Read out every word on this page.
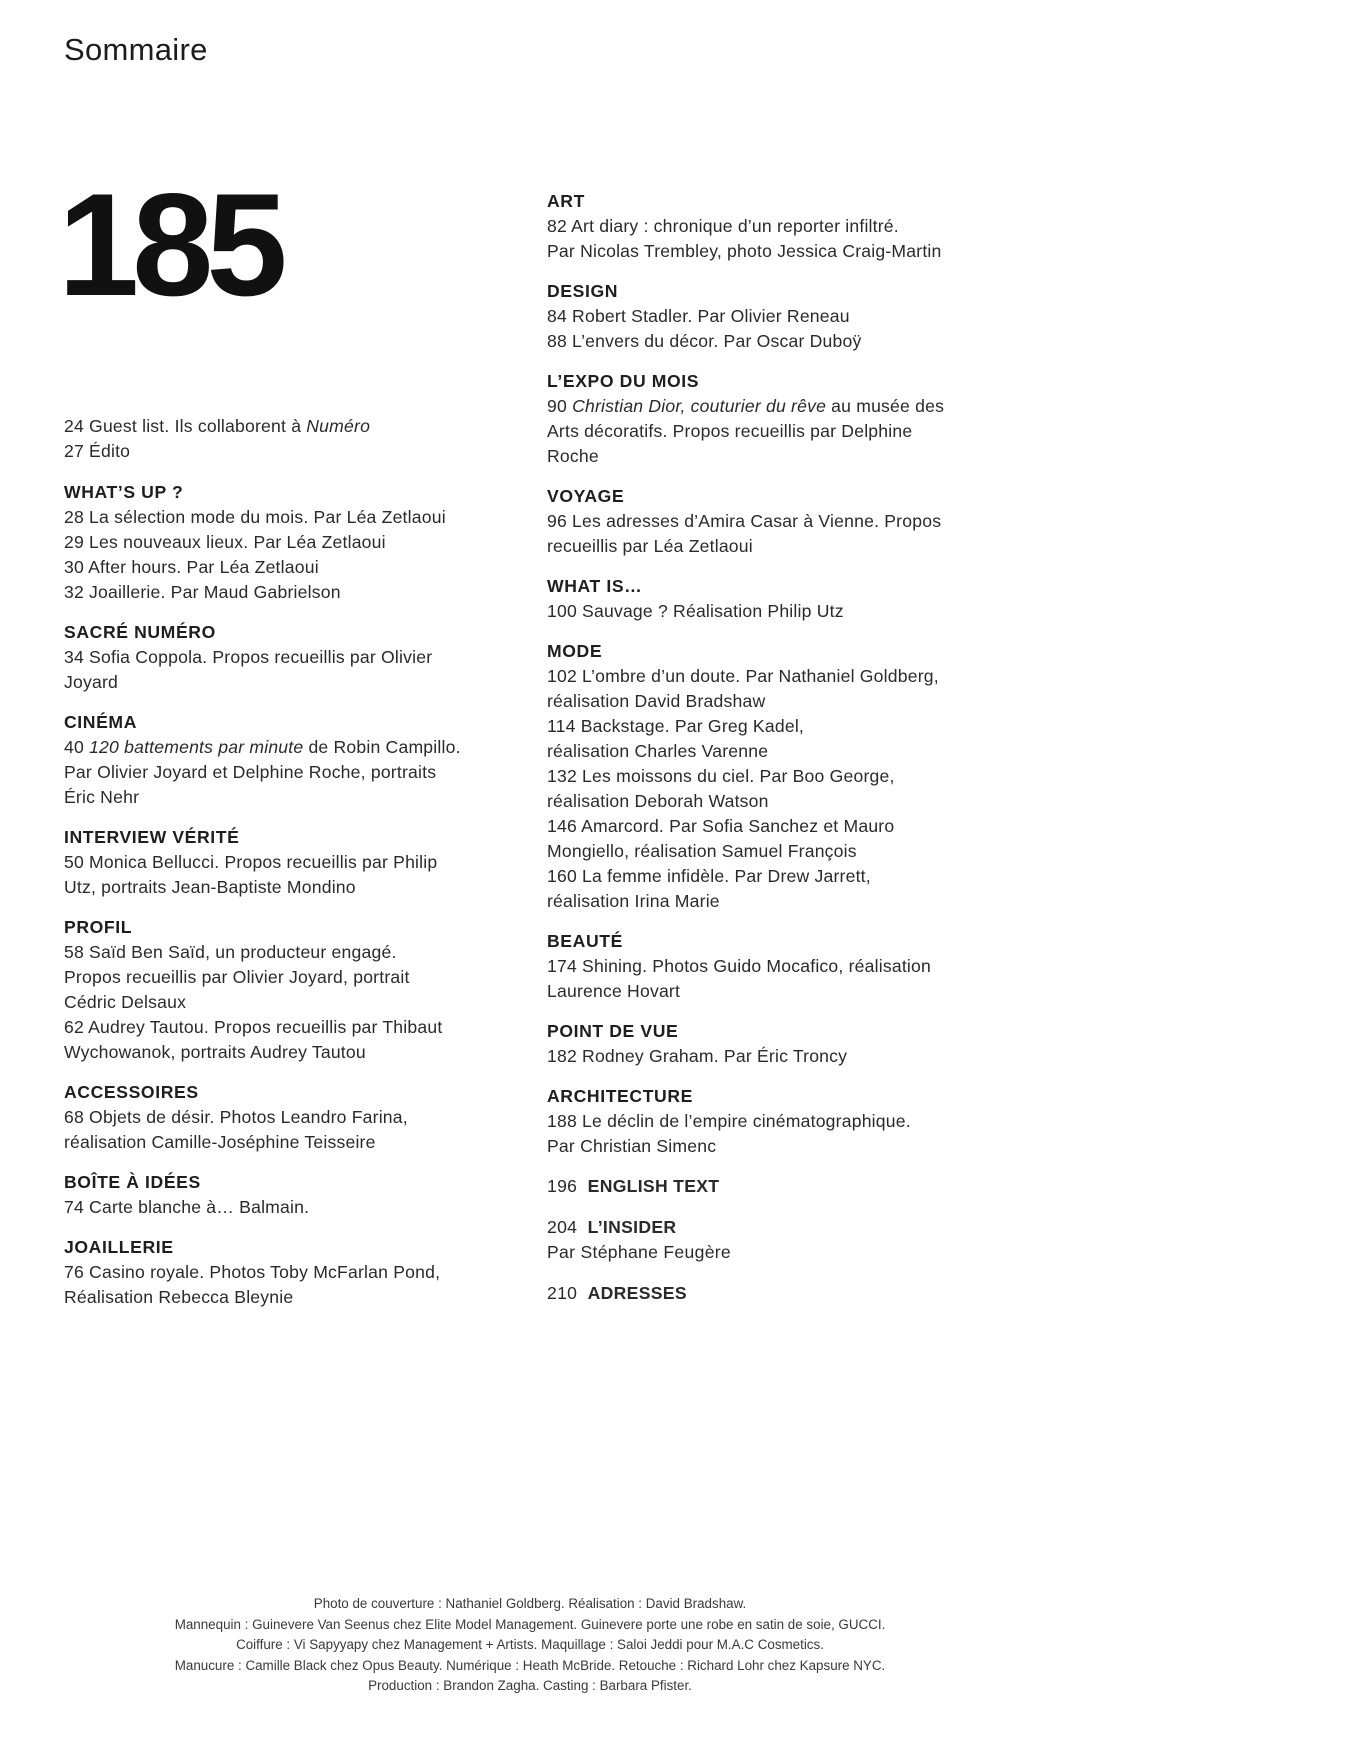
Sommaire
185
24 Guest list. Ils collaborent à Numéro
27 Édito
WHAT’S UP ?
28 La sélection mode du mois. Par Léa Zetlaoui
29 Les nouveaux lieux. Par Léa Zetlaoui
30 After hours. Par Léa Zetlaoui
32 Joaillerie. Par Maud Gabrielson
SACRÉ NUMÉRO
34 Sofia Coppola. Propos recueillis par Olivier
Joyard
CINÉMA
40 120 battements par minute de Robin Campillo.
Par Olivier Joyard et Delphine Roche, portraits
Éric Nehr
INTERVIEW VÉRITÉ
50 Monica Bellucci. Propos recueillis par Philip
Utz, portraits Jean-Baptiste Mondino
PROFIL
58 Saïd Ben Saïd, un producteur engagé.
Propos recueillis par Olivier Joyard, portrait
Cédric Delsaux
62 Audrey Tautou. Propos recueillis par Thibaut
Wychowanok, portraits Audrey Tautou
ACCESSOIRES
68 Objets de désir. Photos Leandro Farina,
réalisation Camille-Joséphine Teisseire
BOÎTE À IDÉES
74 Carte blanche à… Balmain.
JOAILLERIE
76 Casino royale. Photos Toby McFarlan Pond,
Réalisation Rebecca Bleynie
ART
82 Art diary : chronique d’un reporter infiltré.
Par Nicolas Trembley, photo Jessica Craig-Martin
DESIGN
84 Robert Stadler. Par Olivier Reneau
88 L’envers du décor. Par Oscar Duboÿ
L’EXPO DU MOIS
90 Christian Dior, couturier du rêve au musée des
Arts décoratifs. Propos recueillis par Delphine
Roche
VOYAGE
96 Les adresses d’Amira Casar à Vienne. Propos
recueillis par Léa Zetlaoui
WHAT IS…
100 Sauvage ? Réalisation Philip Utz
MODE
102 L’ombre d’un doute. Par Nathaniel Goldberg,
réalisation David Bradshaw
114 Backstage. Par Greg Kadel,
réalisation Charles Varenne
132 Les moissons du ciel. Par Boo George,
réalisation Deborah Watson
146 Amarcord. Par Sofia Sanchez et Mauro
Mongiello, réalisation Samuel François
160 La femme infidèle. Par Drew Jarrett,
réalisation Irina Marie
BEAUTÉ
174 Shining. Photos Guido Mocafico, réalisation
Laurence Hovart
POINT DE VUE
182 Rodney Graham. Par Éric Troncy
ARCHITECTURE
188 Le déclin de l’empire cinématographique.
Par Christian Simenc
196 ENGLISH TEXT
204 L’INSIDER
Par Stéphane Feugère
210 ADRESSES
Photo de couverture : Nathaniel Goldberg. Réalisation : David Bradshaw.
Mannequin : Guinevere Van Seenus chez Elite Model Management. Guinevere porte une robe en satin de soie, GUCCI.
Coiffure : Vi Sapyyapy chez Management + Artists. Maquillage : Saloi Jeddi pour M.A.C Cosmetics.
Manucure : Camille Black chez Opus Beauty. Numérique : Heath McBride. Retouche : Richard Lohr chez Kapsure NYC.
Production : Brandon Zagha. Casting : Barbara Pfister.
